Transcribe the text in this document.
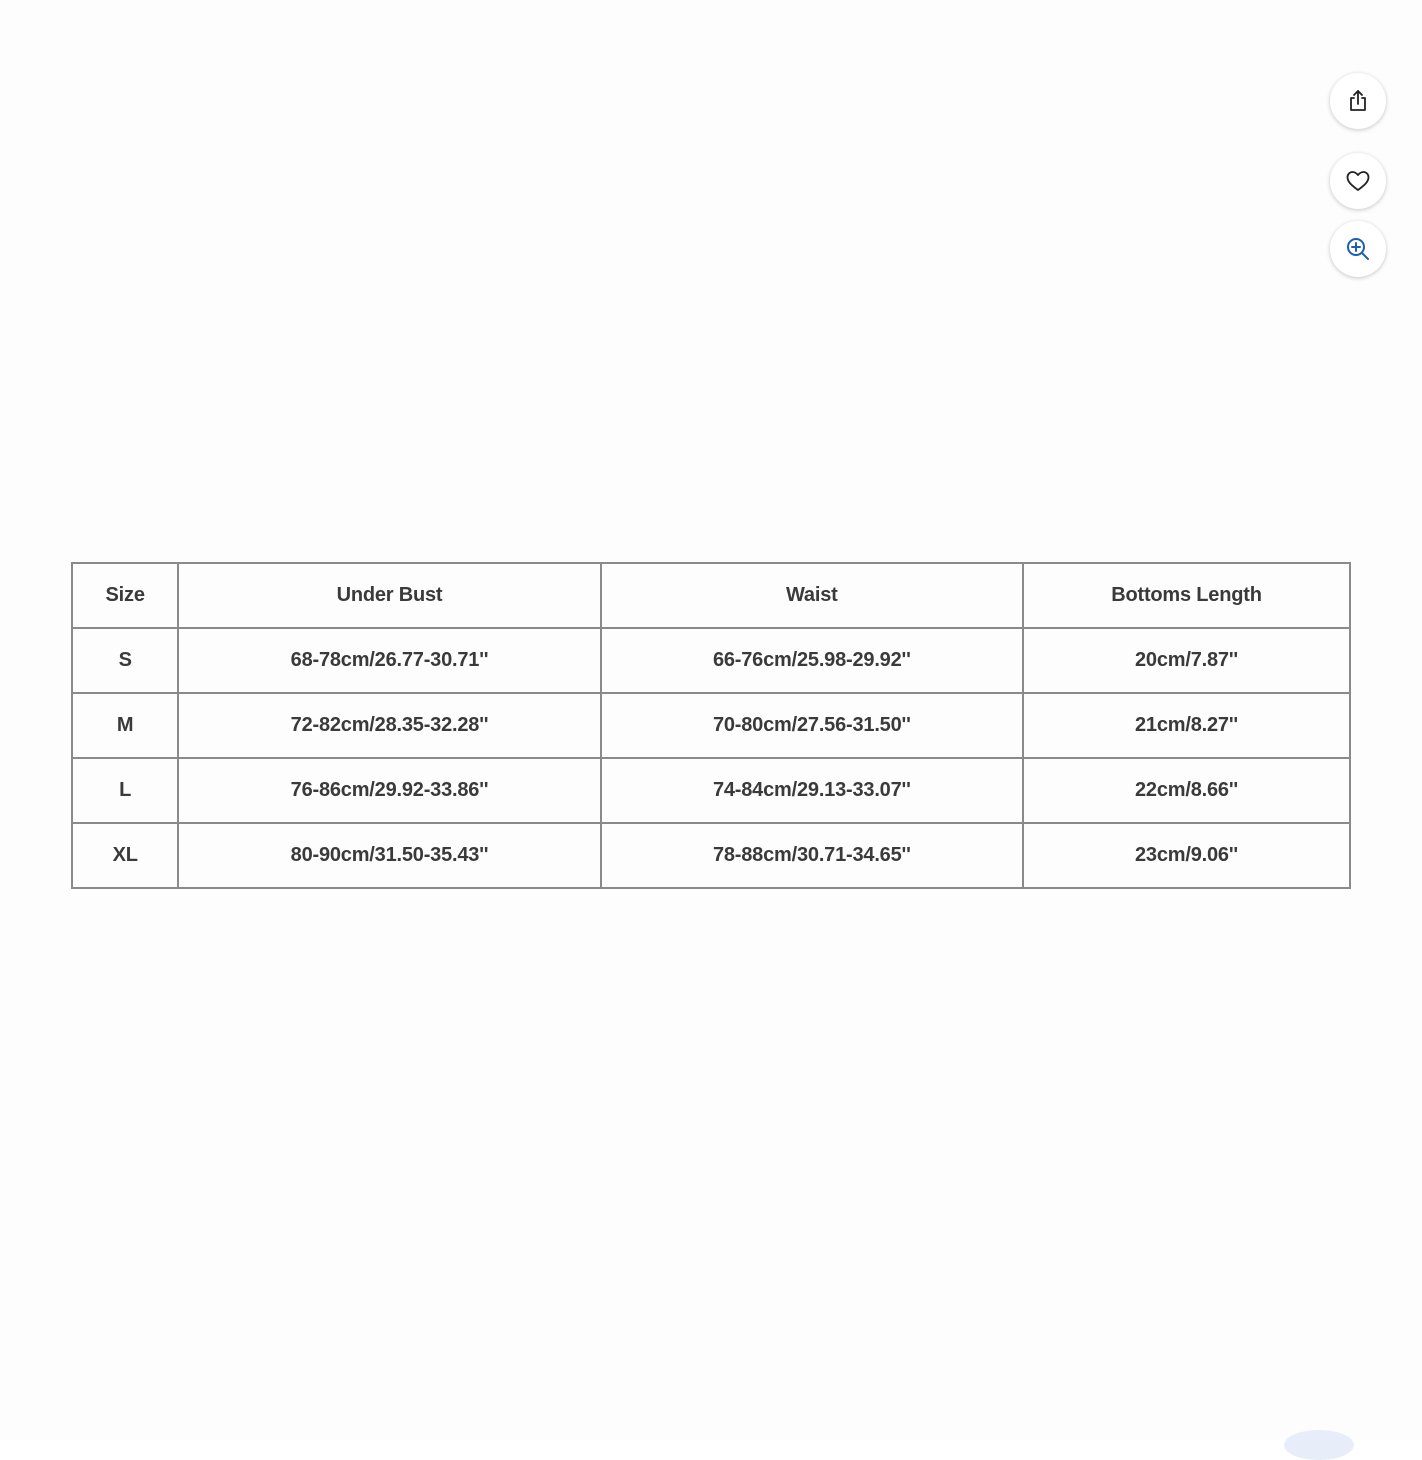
Size	Under Bust	Waist	Bottoms Length
S	68-78cm/26.77-30.71''	66-76cm/25.98-29.92''	20cm/7.87''
M	72-82cm/28.35-32.28''	70-80cm/27.56-31.50''	21cm/8.27''
L	76-86cm/29.92-33.86''	74-84cm/29.13-33.07''	22cm/8.66''
XL	80-90cm/31.50-35.43''	78-88cm/30.71-34.65''	23cm/9.06''
